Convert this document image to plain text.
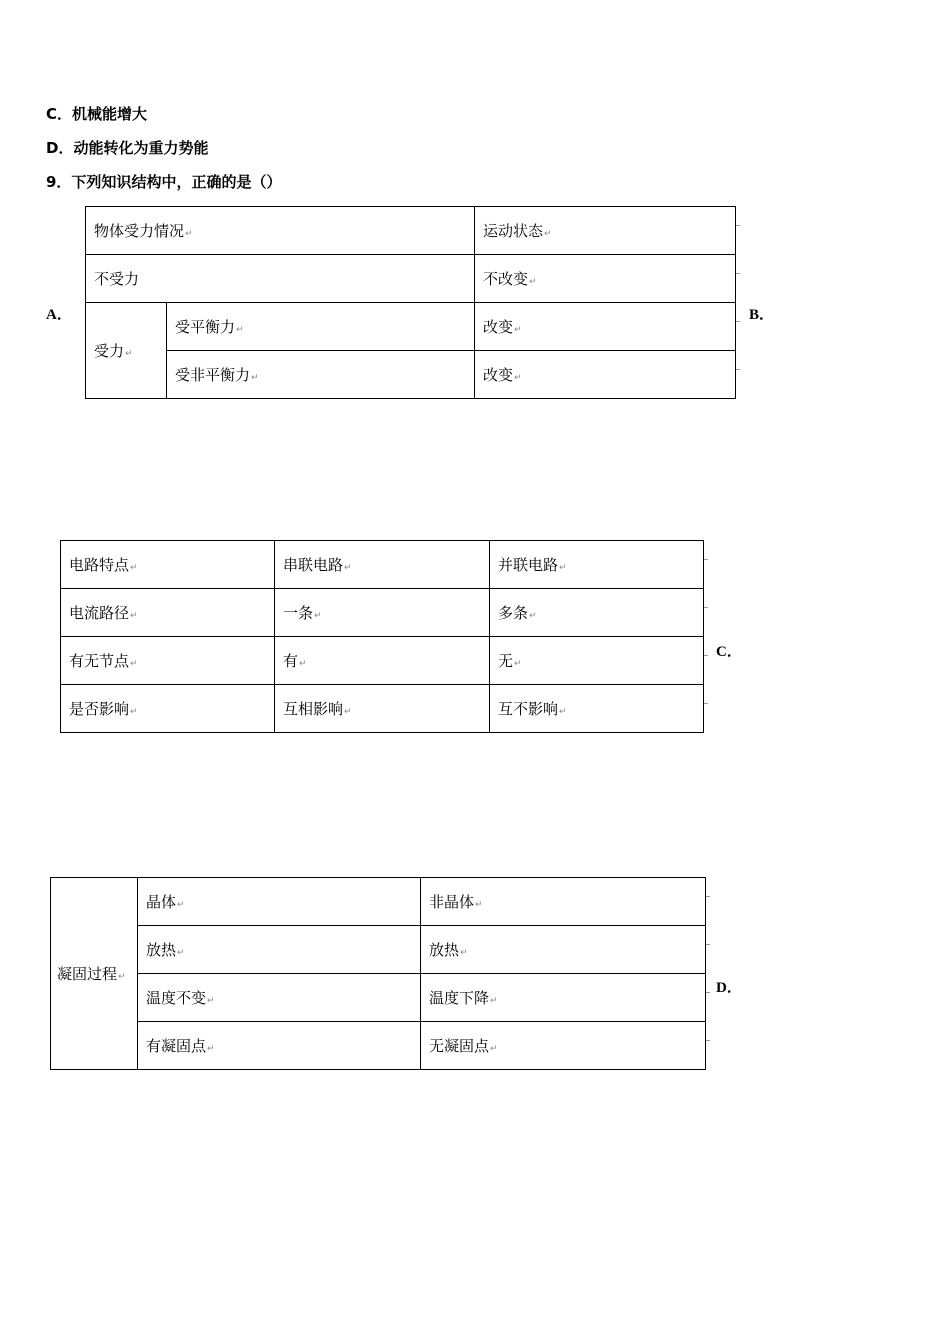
C．机械能增大
D．动能转化为重力势能
9．下列知识结构中，正确的是（）
A．
物体受力情况↵		运动状态↵
不受力		不改变↵
受力↵	受平衡力↵	改变↵
	受非平衡力↵	改变↵
B．
电路特点↵	串联电路↵	并联电路↵
电流路径↵	一条↵	多条↵
有无节点↵	有↵	无↵
是否影响↵	互相影响↵	互不影响↵
C．
凝固过程↵	晶体↵	非晶体↵
	放热↵	放热↵
	温度不变↵	温度下降↵
	有凝固点↵	无凝固点↵
D．
